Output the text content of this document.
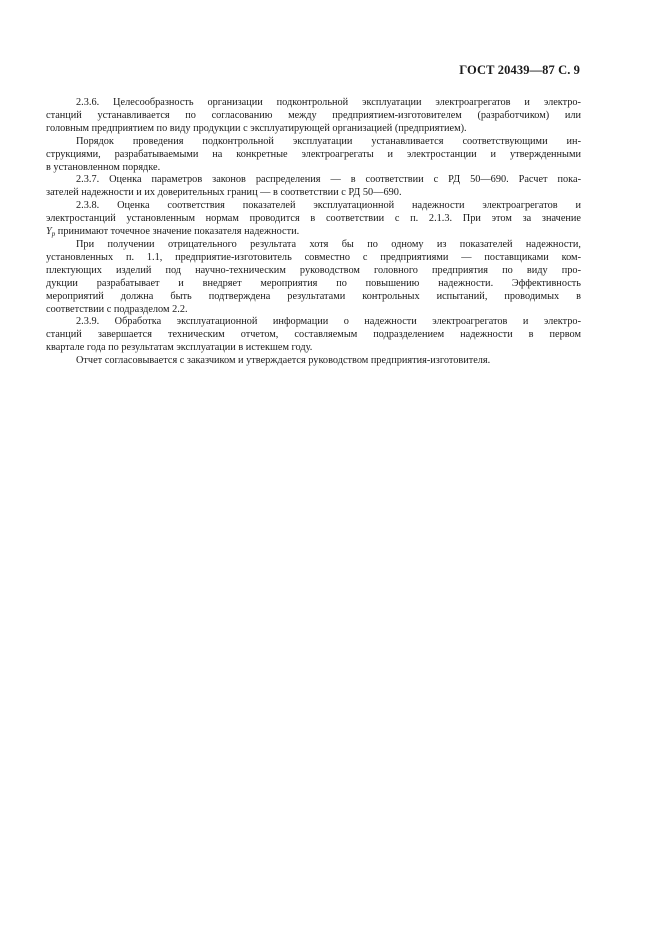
ГОСТ 20439—87 С. 9
2.3.6. Целесообразность организации подконтрольной эксплуатации электроагрегатов и электро-
станций устанавливается по согласованию между предприятием-изготовителем (разработчиком) или
головным предприятием по виду продукции с эксплуатирующей организацией (предприятием).
Порядок проведения подконтрольной эксплуатации устанавливается соответствующими ин-
струкциями, разрабатываемыми на конкретные электроагрегаты и электростанции и утвержденными
в установленном порядке.
2.3.7. Оценка параметров законов распределения — в соответствии с РД 50—690. Расчет пока-
зателей надежности и их доверительных границ — в соответствии с РД 50—690.
2.3.8. Оценка соответствия показателей эксплуатационной надежности электроагрегатов и
электростанций установленным нормам проводится в соответствии с п. 2.1.3. При этом за значение
$Y_р$ принимают точечное значение показателя надежности.
При получении отрицательного результата хотя бы по одному из показателей надежности,
установленных п. 1.1, предприятие-изготовитель совместно с предприятиями — поставщиками ком-
плектующих изделий под научно-техническим руководством головного предприятия по виду про-
дукции разрабатывает и внедряет мероприятия по повышению надежности. Эффективность
мероприятий должна быть подтверждена результатами контрольных испытаний, проводимых в
соответствии с подразделом 2.2.
2.3.9. Обработка эксплуатационной информации о надежности электроагрегатов и электро-
станций завершается техническим отчетом, составляемым подразделением надежности в первом
квартале года по результатам эксплуатации в истекшем году.
Отчет согласовывается с заказчиком и утверждается руководством предприятия-изготовителя.
